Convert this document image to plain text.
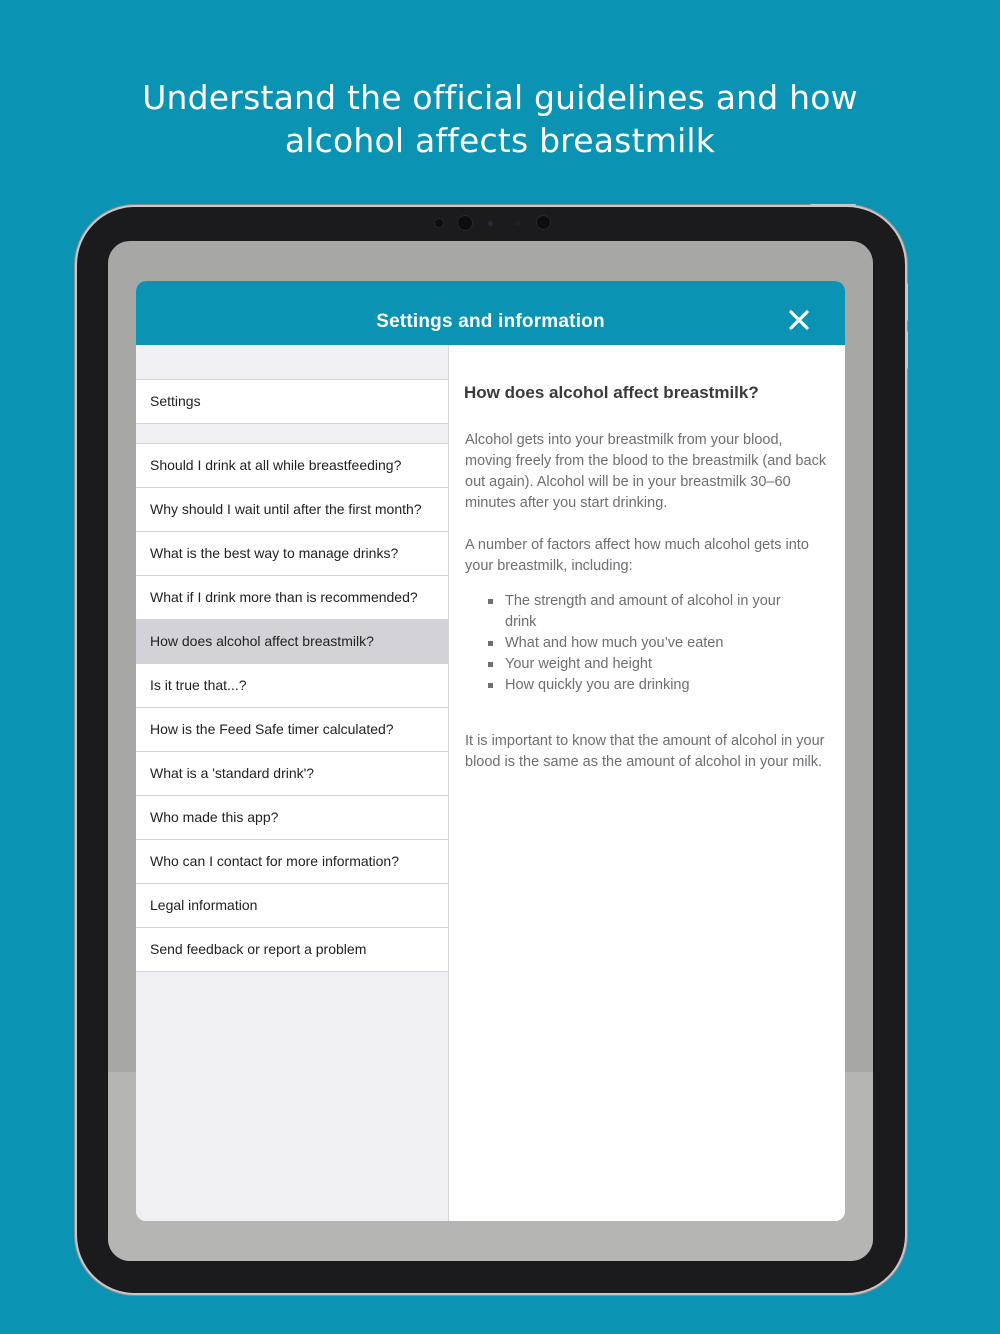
Understand the official guidelines and how
alcohol affects breastmilk
Settings and information
Settings
Should I drink at all while breastfeeding?
Why should I wait until after the first month?
What is the best way to manage drinks?
What if I drink more than is recommended?
How does alcohol affect breastmilk?
Is it true that...?
How is the Feed Safe timer calculated?
What is a 'standard drink'?
Who made this app?
Who can I contact for more information?
Legal information
Send feedback or report a problem
How does alcohol affect breastmilk?

Alcohol gets into your breastmilk from your blood, moving freely from the blood to the breastmilk (and back out again). Alcohol will be in your breastmilk 30–60 minutes after you start drinking.

A number of factors affect how much alcohol gets into your breastmilk, including:

The strength and amount of alcohol in your drink
What and how much you’ve eaten
Your weight and height
How quickly you are drinking

It is important to know that the amount of alcohol in your blood is the same as the amount of alcohol in your milk.
